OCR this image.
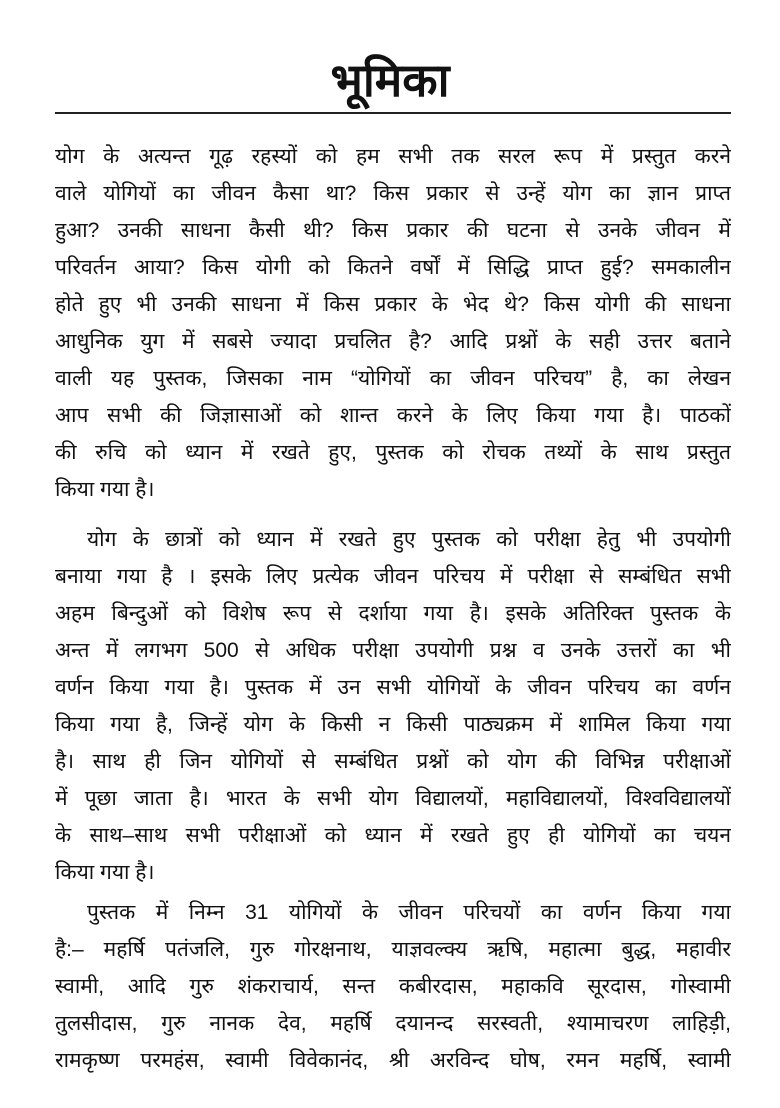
भूमिका
योग के अत्यन्त गूढ़ रहस्यों को हम सभी तक सरल रूप में प्रस्तुत करने
वाले योगियों का जीवन कैसा था? किस प्रकार से उन्हें योग का ज्ञान प्राप्त
हुआ? उनकी साधना कैसी थी? किस प्रकार की घटना से उनके जीवन में
परिवर्तन आया? किस योगी को कितने वर्षों में सिद्धि प्राप्त हुई? समकालीन
होते हुए भी उनकी साधना में किस प्रकार के भेद थे? किस योगी की साधना
आधुनिक युग में सबसे ज्यादा प्रचलित है? आदि प्रश्नों के सही उत्तर बताने
वाली यह पुस्तक, जिसका नाम “योगियों का जीवन परिचय” है, का लेखन
आप सभी की जिज्ञासाओं को शान्त करने के लिए किया गया है। पाठकों
की रुचि को ध्यान में रखते हुए, पुस्तक को रोचक तथ्यों के साथ प्रस्तुत
किया गया है।
योग के छात्रों को ध्यान में रखते हुए पुस्तक को परीक्षा हेतु भी उपयोगी
बनाया गया है । इसके लिए प्रत्येक जीवन परिचय में परीक्षा से सम्बंधित सभी
अहम बिन्दुओं को विशेष रूप से दर्शाया गया है। इसके अतिरिक्त पुस्तक के
अन्त में लगभग 500 से अधिक परीक्षा उपयोगी प्रश्न व उनके उत्तरों का भी
वर्णन किया गया है। पुस्तक में उन सभी योगियों के जीवन परिचय का वर्णन
किया गया है, जिन्हें योग के किसी न किसी पाठ्यक्रम में शामिल किया गया
है। साथ ही जिन योगियों से सम्बंधित प्रश्नों को योग की विभिन्न परीक्षाओं
में पूछा जाता है। भारत के सभी योग विद्यालयों, महाविद्यालयों, विश्वविद्यालयों
के साथ–साथ सभी परीक्षाओं को ध्यान में रखते हुए ही योगियों का चयन
किया गया है।
पुस्तक में निम्न 31 योगियों के जीवन परिचयों का वर्णन किया गया
है:– महर्षि पतंजलि, गुरु गोरक्षनाथ, याज्ञवल्क्य ऋषि, महात्मा बुद्ध, महावीर
स्वामी, आदि गुरु शंकराचार्य, सन्त कबीरदास, महाकवि सूरदास, गोस्वामी
तुलसीदास, गुरु नानक देव, महर्षि दयानन्द सरस्वती, श्यामाचरण लाहिड़ी,
रामकृष्ण परमहंस, स्वामी विवेकानंद, श्री अरविन्द घोष, रमन महर्षि, स्वामी
